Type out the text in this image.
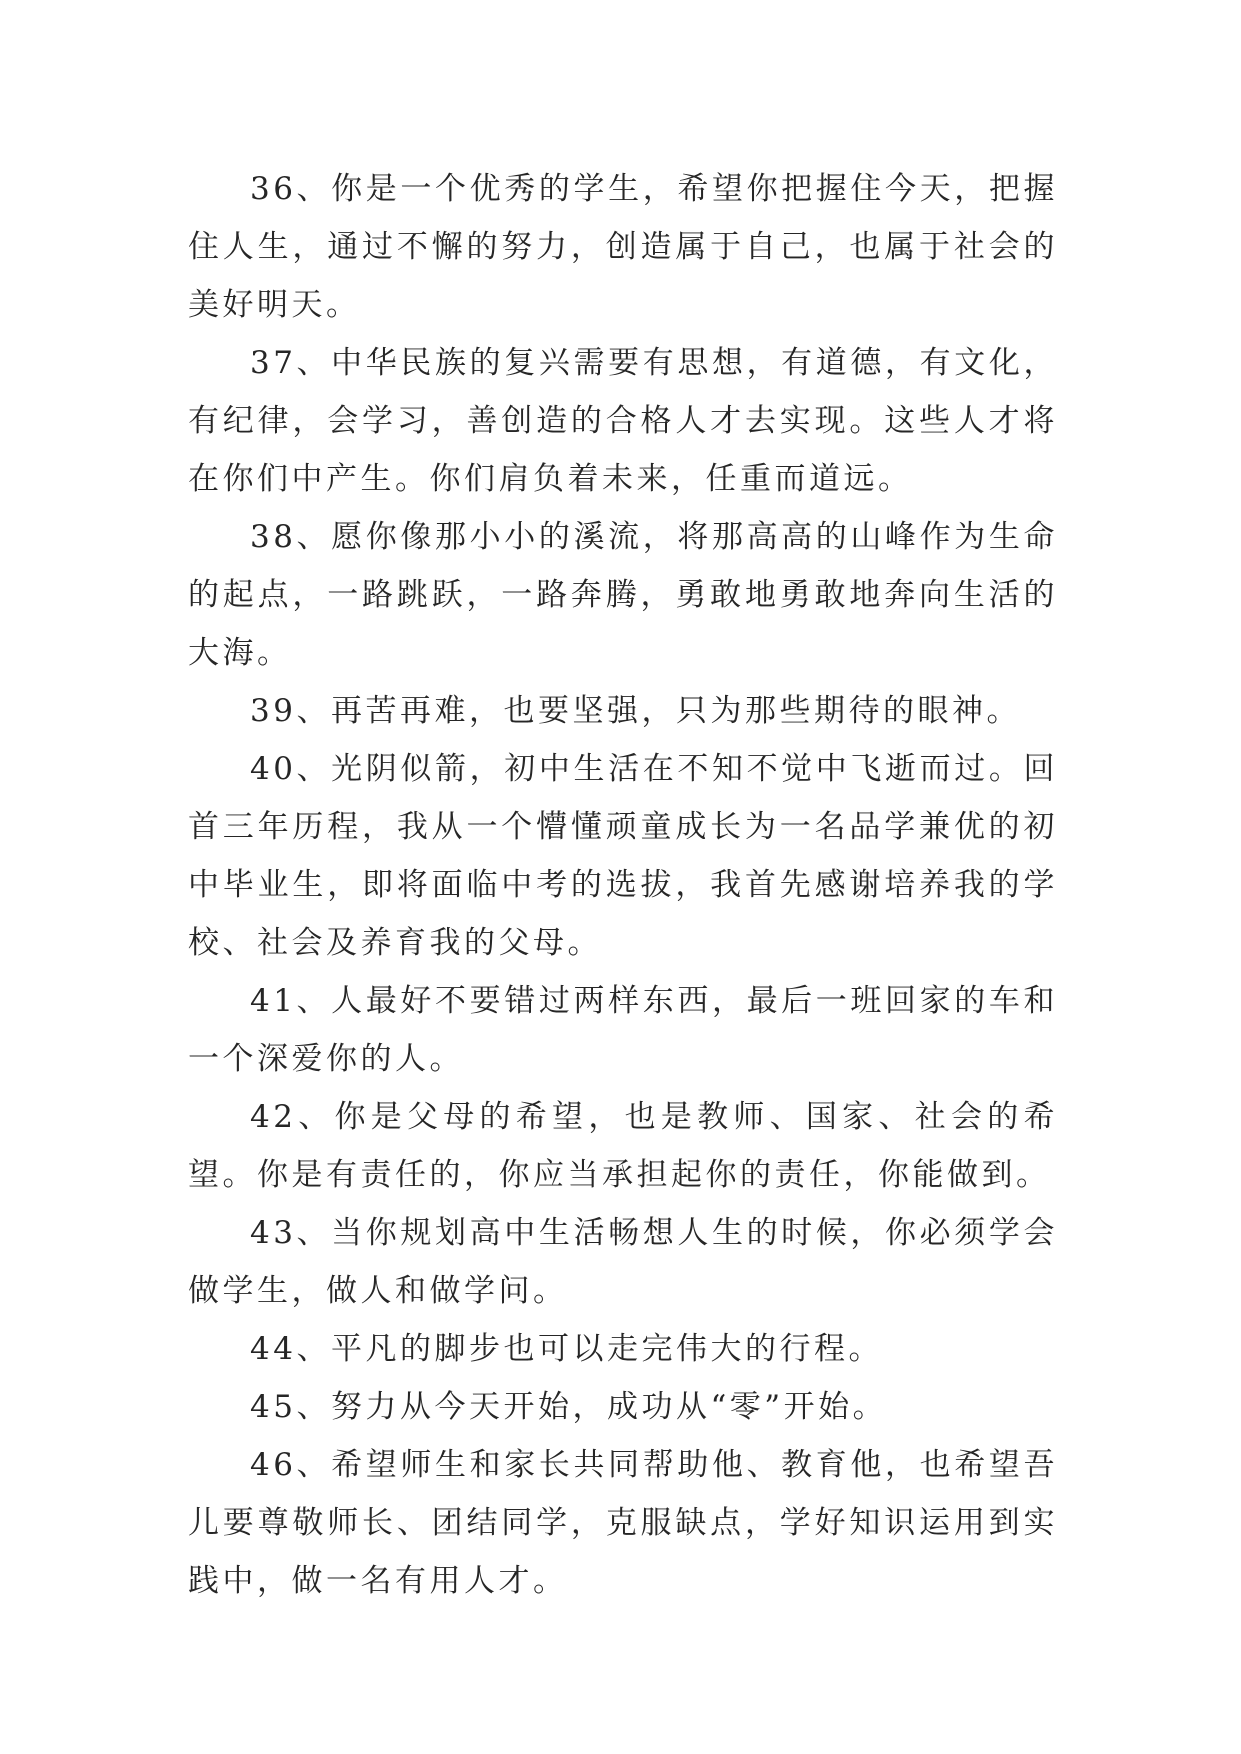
36、你是一个优秀的学生，希望你把握住今天，把握住人生，通过不懈的努力，创造属于自己，也属于社会的美好明天。

37、中华民族的复兴需要有思想，有道德，有文化，有纪律，会学习，善创造的合格人才去实现。这些人才将在你们中产生。你们肩负着未来，任重而道远。

38、愿你像那小小的溪流，将那高高的山峰作为生命的起点，一路跳跃，一路奔腾，勇敢地勇敢地奔向生活的大海。

39、再苦再难，也要坚强，只为那些期待的眼神。

40、光阴似箭，初中生活在不知不觉中飞逝而过。回首三年历程，我从一个懵懂顽童成长为一名品学兼优的初中毕业生，即将面临中考的选拔，我首先感谢培养我的学校、社会及养育我的父母。

41、人最好不要错过两样东西，最后一班回家的车和一个深爱你的人。

42、你是父母的希望，也是教师、国家、社会的希望。你是有责任的，你应当承担起你的责任，你能做到。

43、当你规划高中生活畅想人生的时候，你必须学会做学生，做人和做学问。

44、平凡的脚步也可以走完伟大的行程。

45、努力从今天开始，成功从“零”开始。

46、希望师生和家长共同帮助他、教育他，也希望吾儿要尊敬师长、团结同学，克服缺点，学好知识运用到实践中，做一名有用人才。
